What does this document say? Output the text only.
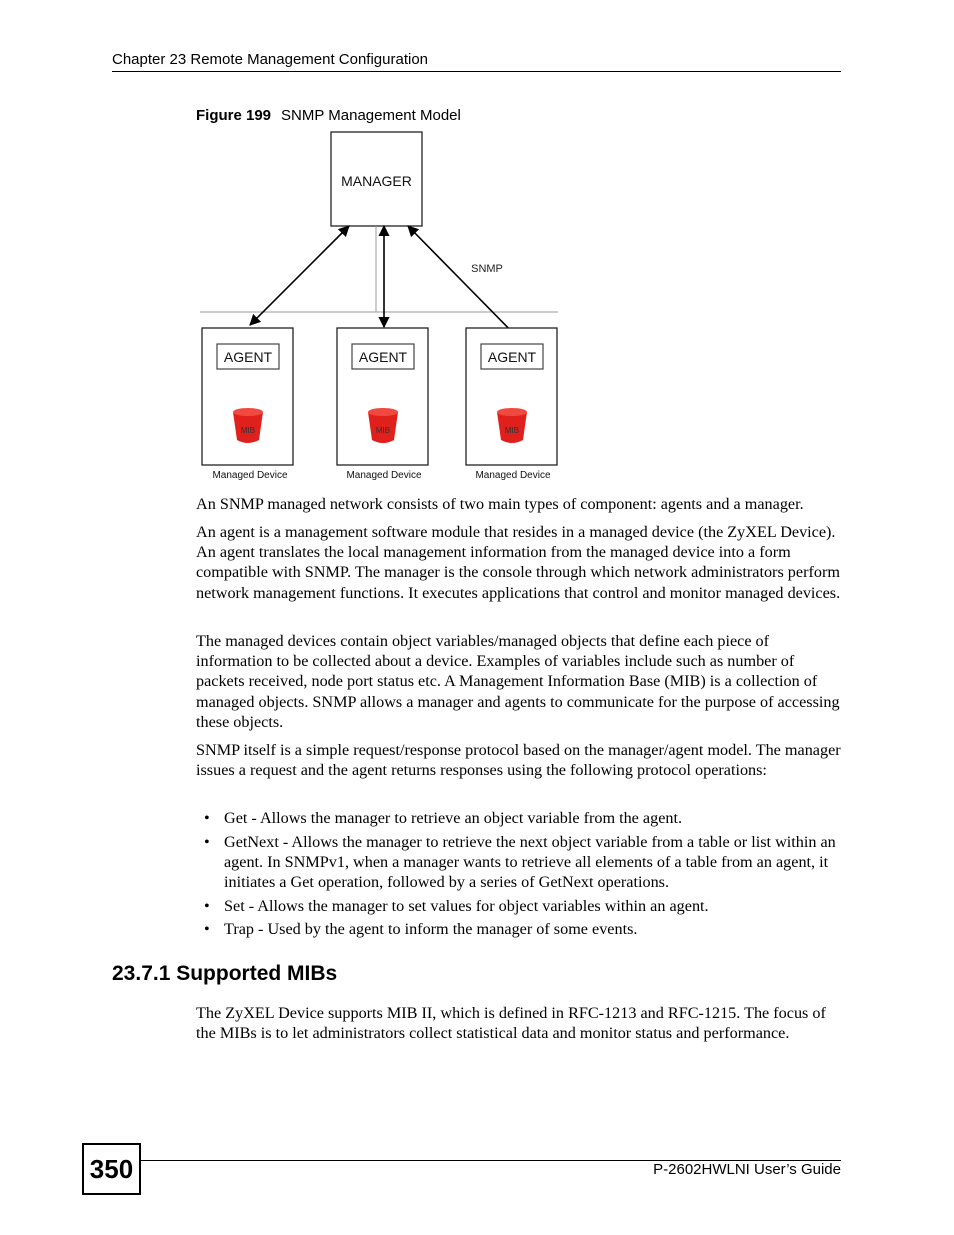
Chapter 23 Remote Management Configuration
Figure 199 SNMP Management Model
MANAGER
SNMP
AGENT
MIB
Managed Device
AGENT
MIB
Managed Device
AGENT
MIB
Managed Device

An SNMP managed network consists of two main types of component: agents and a manager.

An agent is a management software module that resides in a managed device (the ZyXEL Device). An agent translates the local management information from the managed device into a form compatible with SNMP. The manager is the console through which network administrators perform network management functions. It executes applications that control and monitor managed devices.

The managed devices contain object variables/managed objects that define each piece of information to be collected about a device. Examples of variables include such as number of packets received, node port status etc. A Management Information Base (MIB) is a collection of managed objects. SNMP allows a manager and agents to communicate for the purpose of accessing these objects.

SNMP itself is a simple request/response protocol based on the manager/agent model. The manager issues a request and the agent returns responses using the following protocol operations:

• Get - Allows the manager to retrieve an object variable from the agent.
• GetNext - Allows the manager to retrieve the next object variable from a table or list within an agent. In SNMPv1, when a manager wants to retrieve all elements of a table from an agent, it initiates a Get operation, followed by a series of GetNext operations.
• Set - Allows the manager to set values for object variables within an agent.
• Trap - Used by the agent to inform the manager of some events.
23.7.1 Supported MIBs

The ZyXEL Device supports MIB II, which is defined in RFC-1213 and RFC-1215. The focus of the MIBs is to let administrators collect statistical data and monitor status and performance.

350	P-2602HWLNI User’s Guide
